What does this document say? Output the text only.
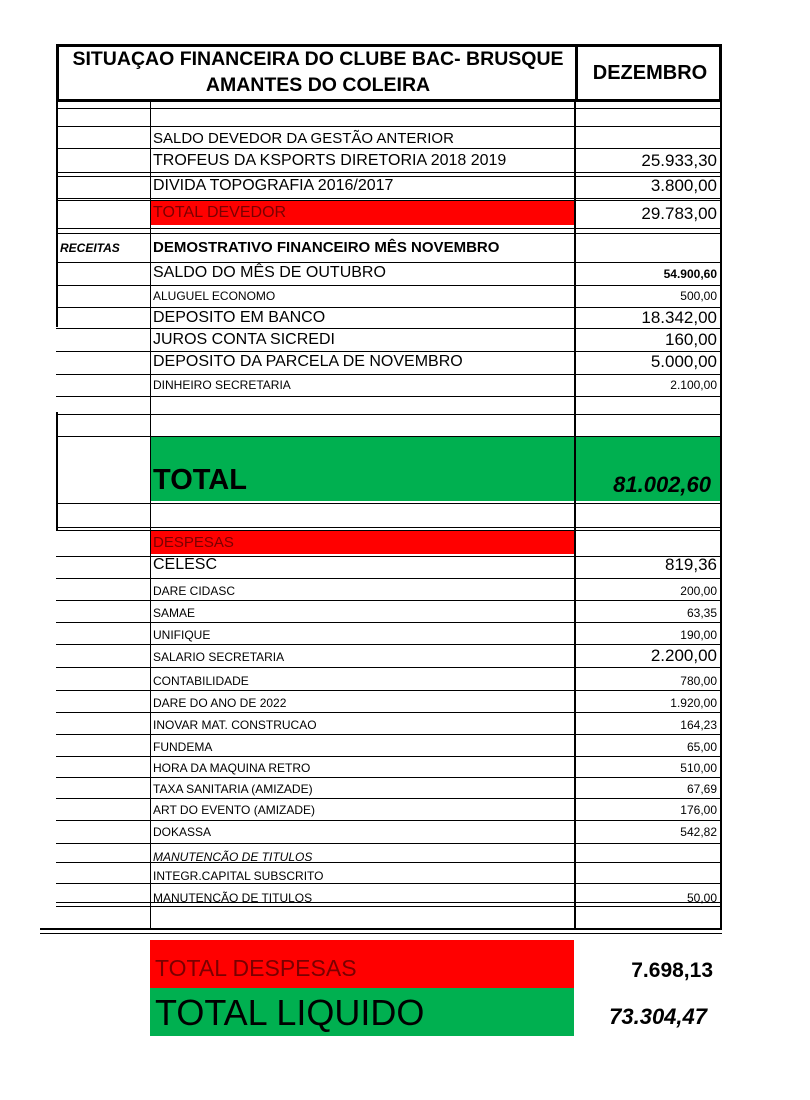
SITUAÇAO FINANCEIRA DO CLUBE BAC- BRUSQUE
AMANTES DO COLEIRA
DEZEMBRO
SALDO DEVEDOR DA GESTÃO ANTERIOR
TROFEUS DA KSPORTS DIRETORIA 2018 2019	25.933,30
DIVIDA TOPOGRAFIA 2016/2017	3.800,00
TOTAL DEVEDOR	29.783,00
RECEITAS DEMOSTRATIVO FINANCEIRO MÊS NOVEMBRO
SALDO DO MÊS DE OUTUBRO	54.900,60
ALUGUEL ECONOMO	500,00
DEPOSITO EM BANCO	18.342,00
JUROS CONTA SICREDI	160,00
DEPOSITO DA PARCELA DE NOVEMBRO	5.000,00
DINHEIRO SECRETARIA	2.100,00
TOTAL	81.002,60
DESPESAS
CELESC	819,36
DARE CIDASC	200,00
SAMAE	63,35
UNIFIQUE	190,00
SALARIO SECRETARIA	2.200,00
CONTABILIDADE	780,00
DARE DO ANO DE 2022	1.920,00
INOVAR MAT. CONSTRUCAO	164,23
FUNDEMA	65,00
HORA DA MAQUINA RETRO	510,00
TAXA SANITARIA (AMIZADE)	67,69
ART DO EVENTO (AMIZADE)	176,00
DOKASSA	542,82
MANUTENCÃO DE TITULOS
INTEGR.CAPITAL SUBSCRITO
MANUTENCÃO DE TITULOS	50,00
TOTAL DESPESAS	7.698,13
TOTAL LIQUIDO	73.304,47
